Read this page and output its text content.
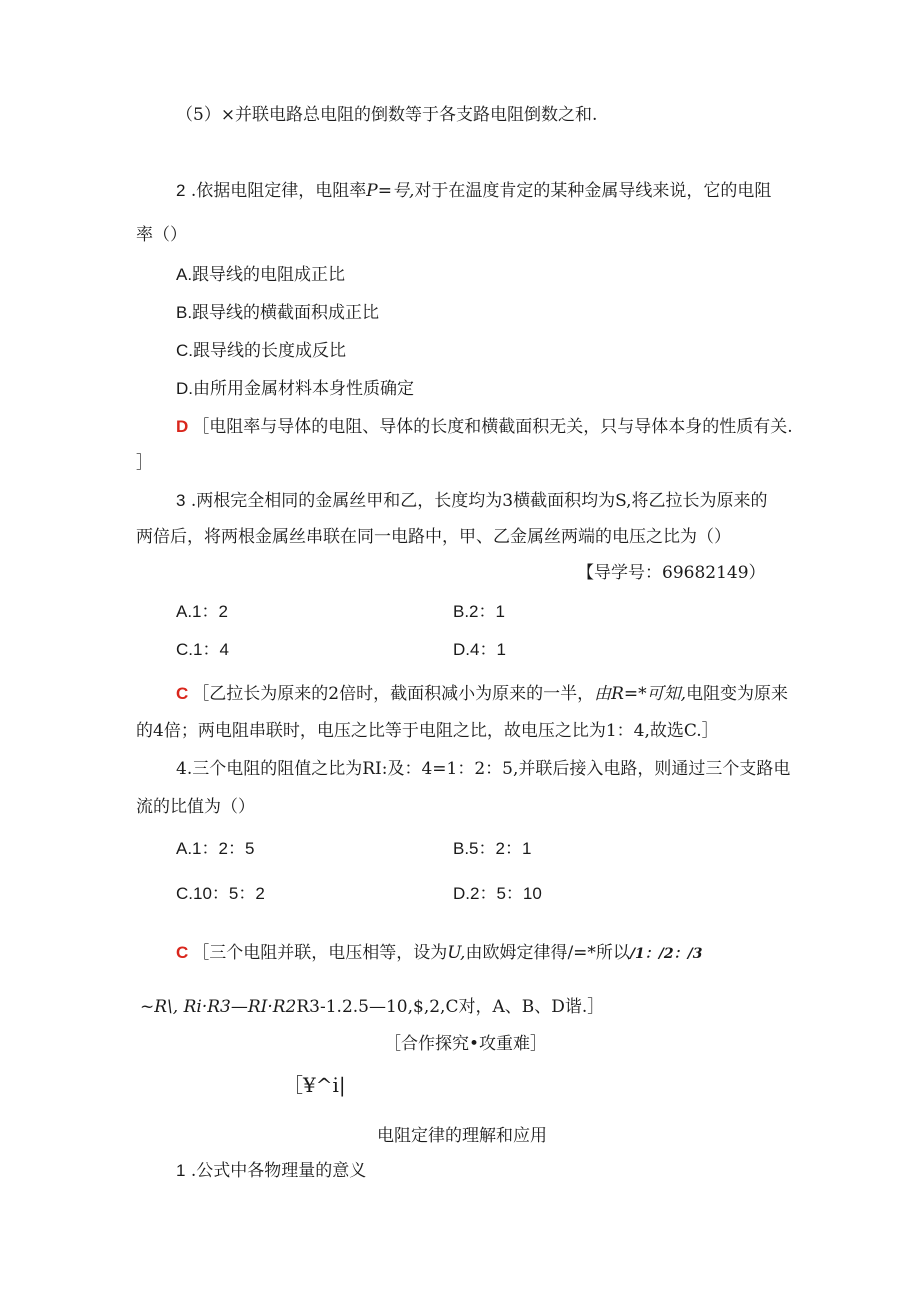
（5）×并联电路总电阻的倒数等于各支路电阻倒数之和.
2 .依据电阻定律，电阻率P=号,对于在温度肯定的某种金属导线来说，它的电阻
率（）
A.跟导线的电阻成正比
B.跟导线的横截面积成正比
C.跟导线的长度成反比
D.由所用金属材料本身性质确定
D ［电阻率与导体的电阻、导体的长度和横截面积无关，只与导体本身的性质有关.
］
3 .两根完全相同的金属丝甲和乙，长度均为3横截面积均为S,将乙拉长为原来的
两倍后，将两根金属丝串联在同一电路中，甲、乙金属丝两端的电压之比为（）
【导学号：69682149）
A.1：2	B.2：1
C.1：4	D.4：1
C ［乙拉长为原来的2倍时，截面积减小为原来的一半，由R=*可知,电阻变为原来
的4倍；两电阻串联时，电压之比等于电阻之比，故电压之比为1：4,故选C.］
4.三个电阻的阻值之比为RI:及：4=1：2：5,并联后接入电路，则通过三个支路电
流的比值为（）
A.1：2：5	B.5：2：1
C.10：5：2	D.2：5：10
C ［三个电阻并联，电压相等，设为U,由欧姆定律得/=*所以/1：/2：/3
~R\, Ri·R3—RI·R2R3-1.2.5—10,$,2,C对，A、B、D谐.］
［合作探究•攻重难］
［¥^i|
电阻定律的理解和应用
1 .公式中各物理量的意义
